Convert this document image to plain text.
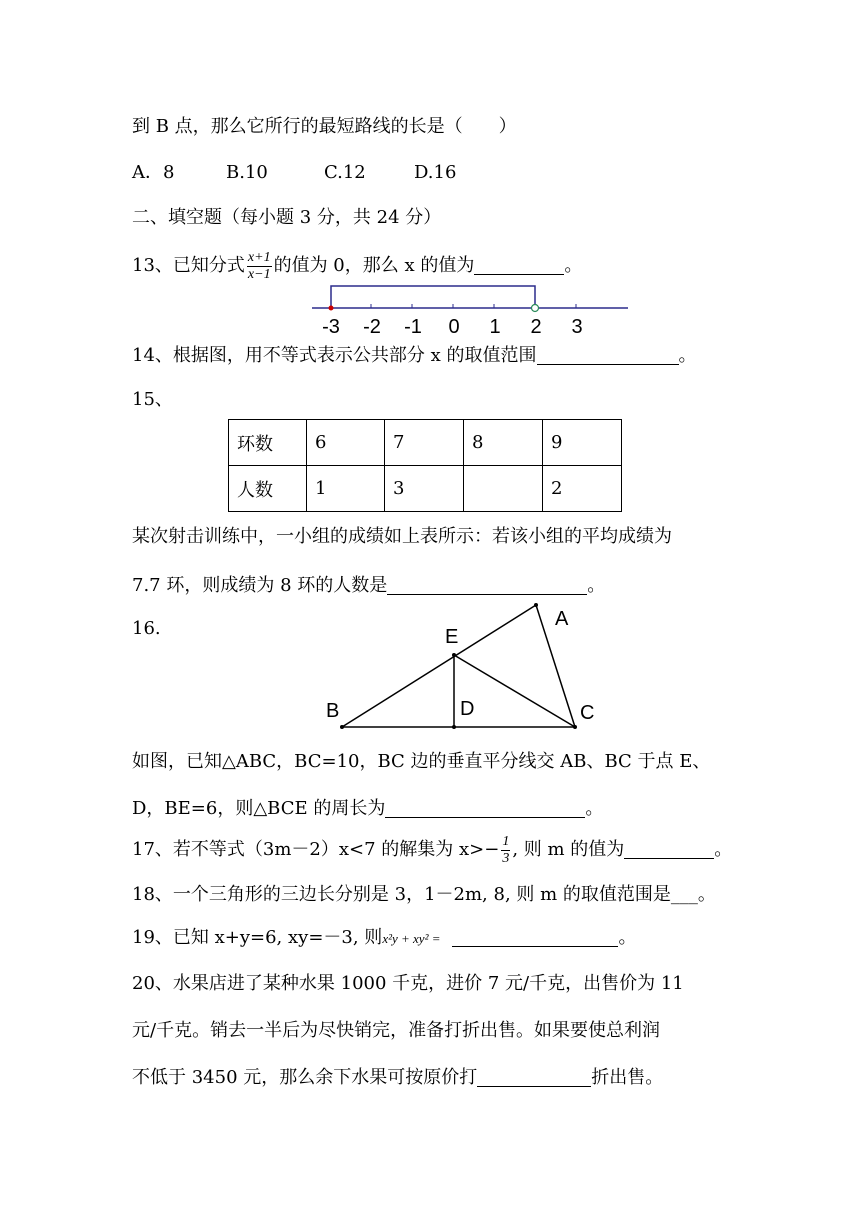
到 B 点，那么它所行的最短路线的长是（　　）
A．8	B.10	C.12	D.16
二、填空题（每小题 3 分，共 24 分）
13、已知分式 $\frac{x+1}{x-1}$ 的值为 0，那么 x 的值为	。
-3 -2 -1 0 1 2 3
14、根据图，用不等式表示公共部分 x 的取值范围	。
15、
环数	6	7	8	9
人数	1	3		2
某次射击训练中，一小组的成绩如上表所示：若该小组的平均成绩为
7.7 环，则成绩为 8 环的人数是	。
16.	A
E
B	D	C
如图，已知△ABC，BC=10，BC 边的垂直平分线交 AB、BC 于点 E、
D，BE=6，则△BCE 的周长为	。
17、若不等式（3m－2）x<7 的解集为 $x>- \frac{1}{3}$ , 则 m 的值为	。
18、一个三角形的三边长分别是 3，1－2m, 8, 则 m 的取值范围是___。
19、已知 x+y=6, xy=－3, 则x²y + xy² =	。
20、水果店进了某种水果 1000 千克，进价 7 元/千克，出售价为 11
元/千克。销去一半后为尽快销完，准备打折出售。如果要使总利润
不低于 3450 元，那么余下水果可按原价打	折出售。
